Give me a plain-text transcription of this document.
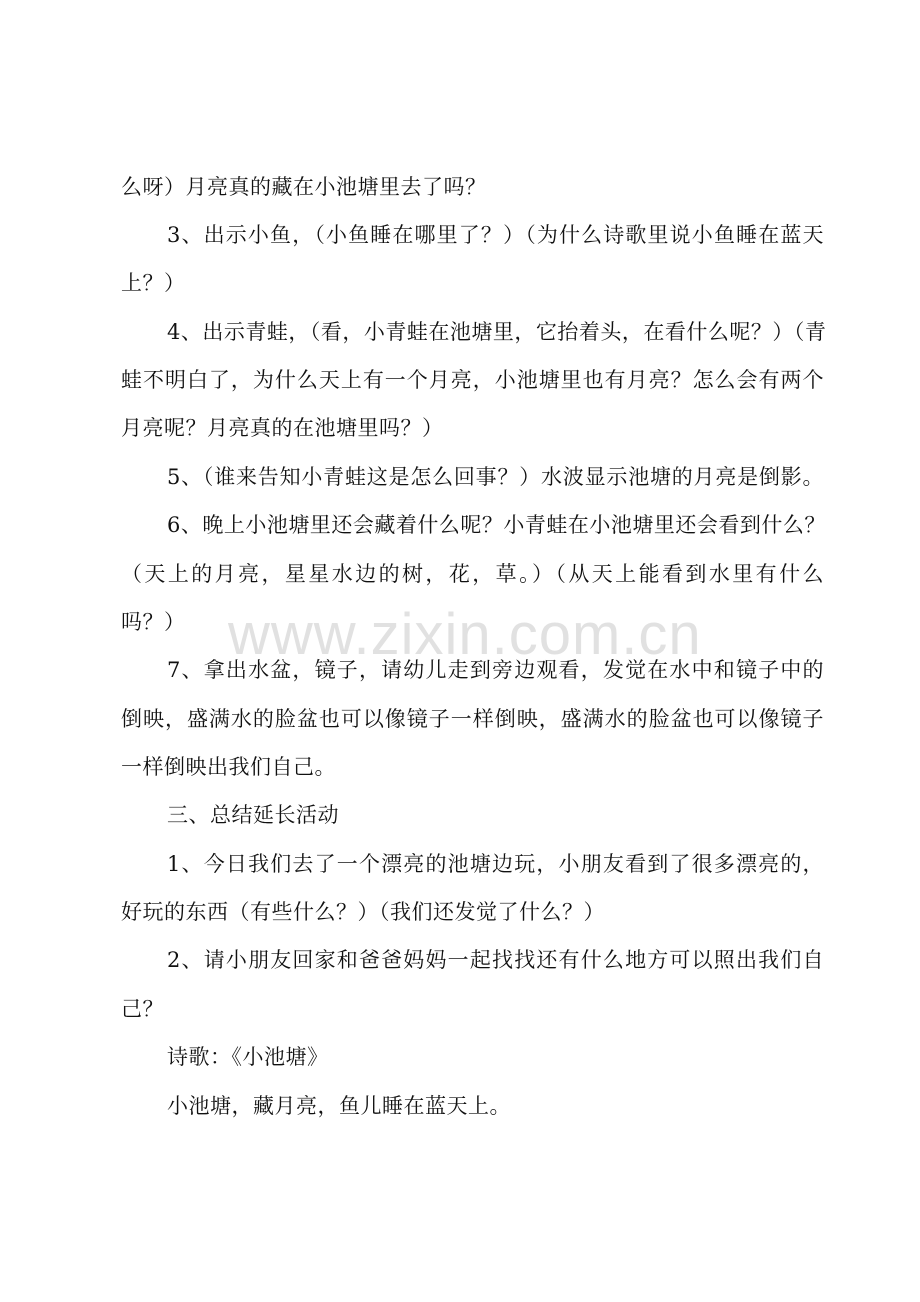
www.zixin.com.cn
么呀）月亮真的藏在小池塘里去了吗？
3、出示小鱼，（小鱼睡在哪里了？）（为什么诗歌里说小鱼睡在蓝天
上？）
4、出示青蛙，（看，小青蛙在池塘里，它抬着头，在看什么呢？）（青
蛙不明白了，为什么天上有一个月亮，小池塘里也有月亮？怎么会有两个
月亮呢？月亮真的在池塘里吗？）
5、（谁来告知小青蛙这是怎么回事？）水波显示池塘的月亮是倒影。
6、晚上小池塘里还会藏着什么呢？小青蛙在小池塘里还会看到什么？
（天上的月亮，星星水边的树，花，草。）（从天上能看到水里有什么
吗？）
7、拿出水盆，镜子，请幼儿走到旁边观看，发觉在水中和镜子中的
倒映，盛满水的脸盆也可以像镜子一样倒映，盛满水的脸盆也可以像镜子
一样倒映出我们自己。
三、总结延长活动
1、今日我们去了一个漂亮的池塘边玩，小朋友看到了很多漂亮的，
好玩的东西（有些什么？）（我们还发觉了什么？）
2、请小朋友回家和爸爸妈妈一起找找还有什么地方可以照出我们自
己？
诗歌：《小池塘》
小池塘，藏月亮，鱼儿睡在蓝天上。
